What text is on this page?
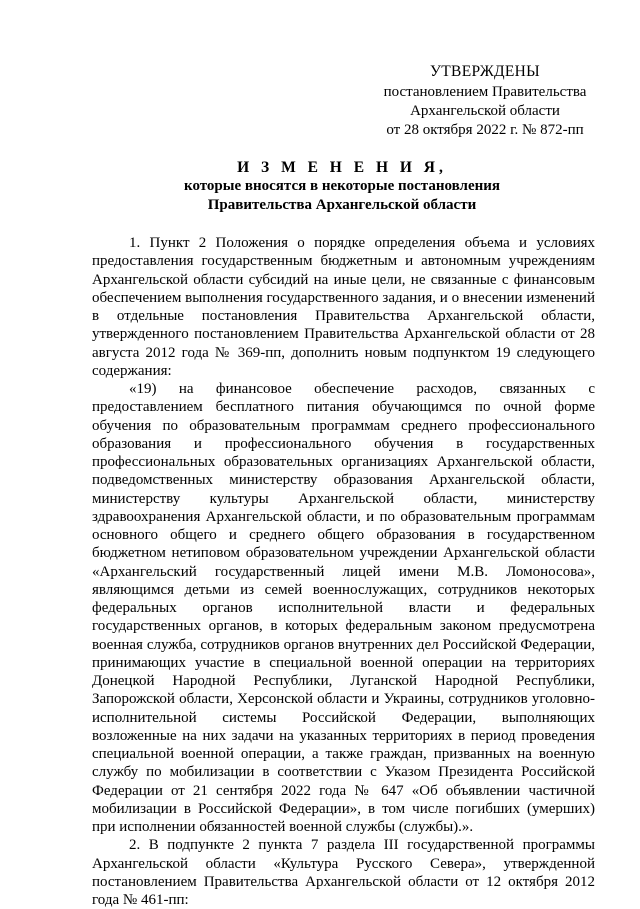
УТВЕРЖДЕНЫ
постановлением Правительства
Архангельской области
от 28 октября 2022 г. № 872-пп
И З М Е Н Е Н И Я,
которые вносятся в некоторые постановления
Правительства Архангельской области

1. Пункт 2 Положения о порядке определения объема и условиях предоставления государственным бюджетным и автономным учреждениям Архангельской области субсидий на иные цели, не связанные с финансовым обеспечением выполнения государственного задания, и о внесении изменений в отдельные постановления Правительства Архангельской области, утвержденного постановлением Правительства Архангельской области от 28 августа 2012 года № 369-пп, дополнить новым подпунктом 19 следующего содержания:

«19) на финансовое обеспечение расходов, связанных с предоставлением бесплатного питания обучающимся по очной форме обучения по образовательным программам среднего профессионального образования и профессионального обучения в государственных профессиональных образовательных организациях Архангельской области, подведомственных министерству образования Архангельской области, министерству культуры Архангельской области, министерству здравоохранения Архангельской области, и по образовательным программам основного общего и среднего общего образования в государственном бюджетном нетиповом образовательном учреждении Архангельской области «Архангельский государственный лицей имени М.В. Ломоносова», являющимся детьми из семей военнослужащих, сотрудников некоторых федеральных органов исполнительной власти и федеральных государственных органов, в которых федеральным законом предусмотрена военная служба, сотрудников органов внутренних дел Российской Федерации, принимающих участие в специальной военной операции на территориях Донецкой Народной Республики, Луганской Народной Республики, Запорожской области, Херсонской области и Украины, сотрудников уголовно-исполнительной системы Российской Федерации, выполняющих возложенные на них задачи на указанных территориях в период проведения специальной военной операции, а также граждан, призванных на военную службу по мобилизации в соответствии с Указом Президента Российской Федерации от 21 сентября 2022 года № 647 «Об объявлении частичной мобилизации в Российской Федерации», в том числе погибших (умерших) при исполнении обязанностей военной службы (службы).».

2. В подпункте 2 пункта 7 раздела III государственной программы Архангельской области «Культура Русского Севера», утвержденной постановлением Правительства Архангельской области от 12 октября 2012 года № 461-пп:
